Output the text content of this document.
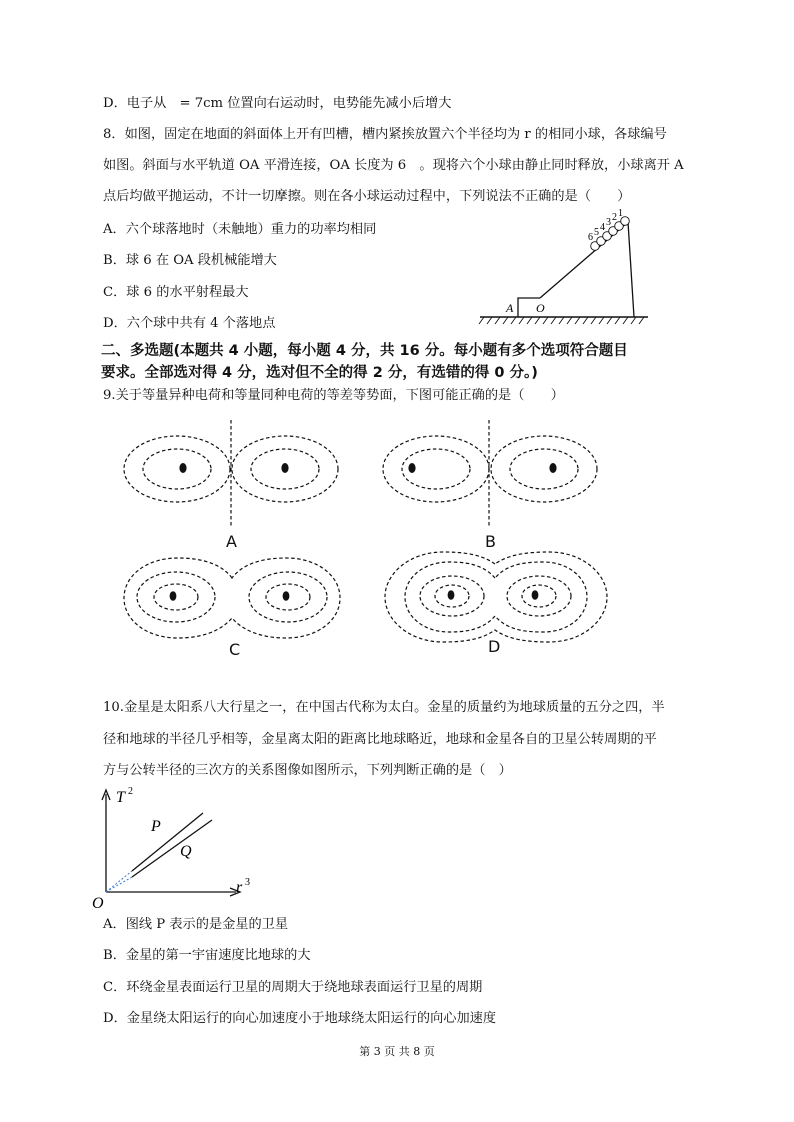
D．电子从　= 7cm 位置向右运动时，电势能先减小后增大
8．如图，固定在地面的斜面体上开有凹槽，槽内紧挨放置六个半径均为 r 的相同小球，各球编号
如图。斜面与水平轨道 OA 平滑连接，OA 长度为 6　。现将六个小球由静止同时释放，小球离开 A
点后均做平抛运动，不计一切摩擦。则在各小球运动过程中，下列说法不正确的是（　　）
A．六个球落地时（未触地）重力的功率均相同
B．球 6 在 OA 段机械能增大
C．球 6 的水平射程最大
D．六个球中共有 4 个落地点
6 5 4 3 2 1
A O
二、多选题(本题共 4 小题，每小题 4 分，共 16 分。每小题有多个选项符合题目
要求。全部选对得 4 分，选对但不全的得 2 分，有选错的得 0 分。)
9.关于等量异种电荷和等量同种电荷的等差等势面，下图可能正确的是（　　）
A	B
C	D
10.金星是太阳系八大行星之一，在中国古代称为太白。金星的质量约为地球质量的五分之四，半
径和地球的半径几乎相等，金星离太阳的距离比地球略近，地球和金星各自的卫星公转周期的平
方与公转半径的三次方的关系图像如图所示，下列判断正确的是（　）
T 2
r 3
O
P
Q
A．图线 P 表示的是金星的卫星
B．金星的第一宇宙速度比地球的大
C．环绕金星表面运行卫星的周期大于绕地球表面运行卫星的周期
D．金星绕太阳运行的向心加速度小于地球绕太阳运行的向心加速度
第 3 页 共 8 页
